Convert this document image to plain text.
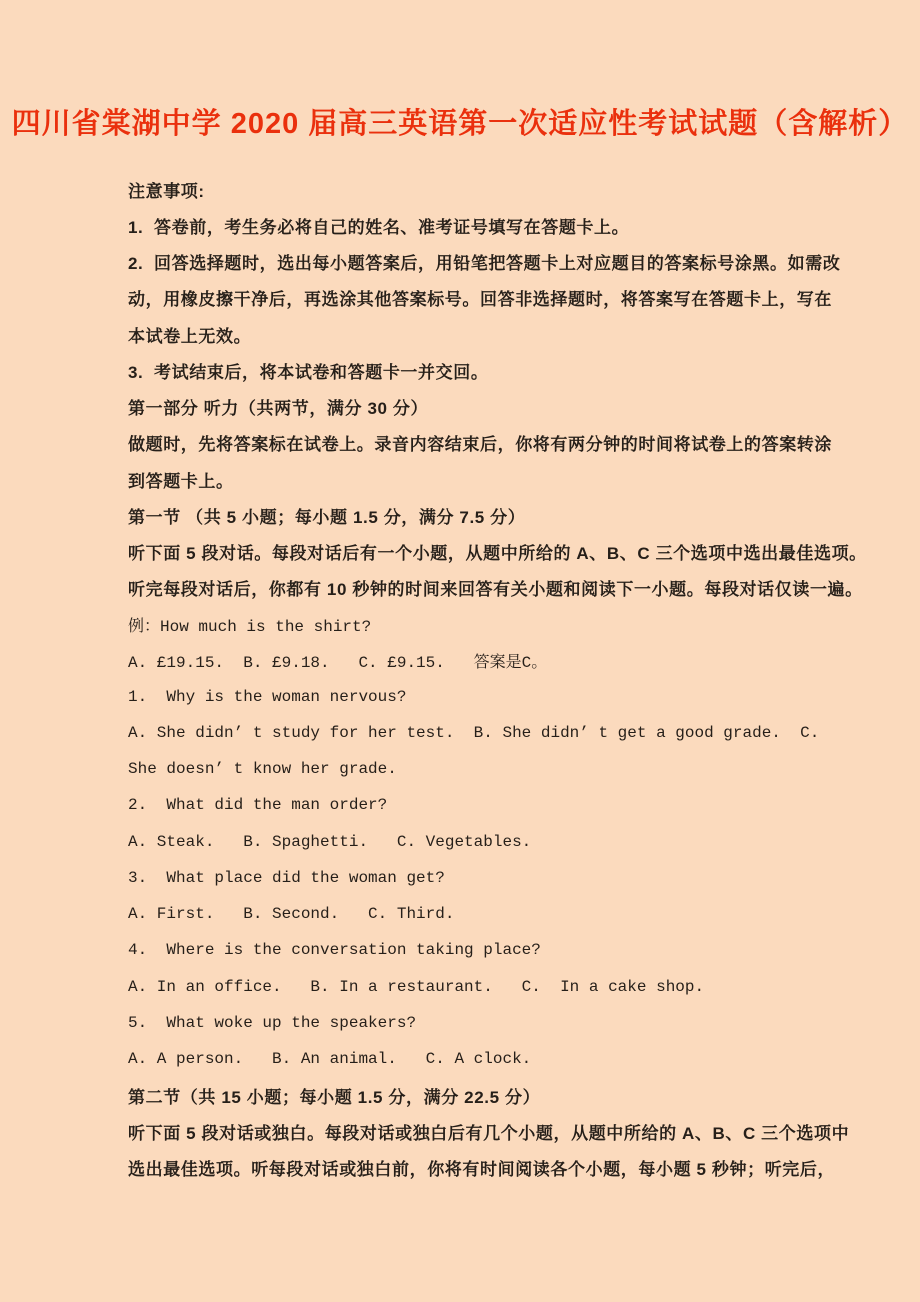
四川省棠湖中学 2020 届高三英语第一次适应性考试试题（含解析）
注意事项:
1.  答卷前，考生务必将自己的姓名、准考证号填写在答题卡上。
2.  回答选择题时，选出每小题答案后，用铅笔把答题卡上对应题目的答案标号涂黑。如需改
动，用橡皮擦干净后，再选涂其他答案标号。回答非选择题时，将答案写在答题卡上，写在
本试卷上无效。
3.  考试结束后，将本试卷和答题卡一并交回。
第一部分 听力（共两节，满分 30 分）
做题时，先将答案标在试卷上。录音内容结束后，你将有两分钟的时间将试卷上的答案转涂
到答题卡上。
第一节 （共 5 小题；每小题 1.5 分，满分 7.5 分）
听下面 5 段对话。每段对话后有一个小题，从题中所给的 A、B、C 三个选项中选出最佳选项。
听完每段对话后，你都有 10 秒钟的时间来回答有关小题和阅读下一小题。每段对话仅读一遍。
例：How much is the shirt?
A. £19.15.  B. £9.18.   C. £9.15.   答案是C。
1.  Why is the woman nervous?
A. She didn’ t study for her test.  B. She didn’ t get a good grade.  C.
She doesn’ t know her grade.
2.  What did the man order?
A. Steak.   B. Spaghetti.   C. Vegetables.
3.  What place did the woman get?
A. First.   B. Second.   C. Third.
4.  Where is the conversation taking place?
A. In an office.   B. In a restaurant.   C.  In a cake shop.
5.  What woke up the speakers?
A. A person.   B. An animal.   C. A clock.
第二节（共 15 小题；每小题 1.5 分，满分 22.5 分）
听下面 5 段对话或独白。每段对话或独白后有几个小题，从题中所给的 A、B、C 三个选项中
选出最佳选项。听每段对话或独白前，你将有时间阅读各个小题，每小题 5 秒钟；听完后，
